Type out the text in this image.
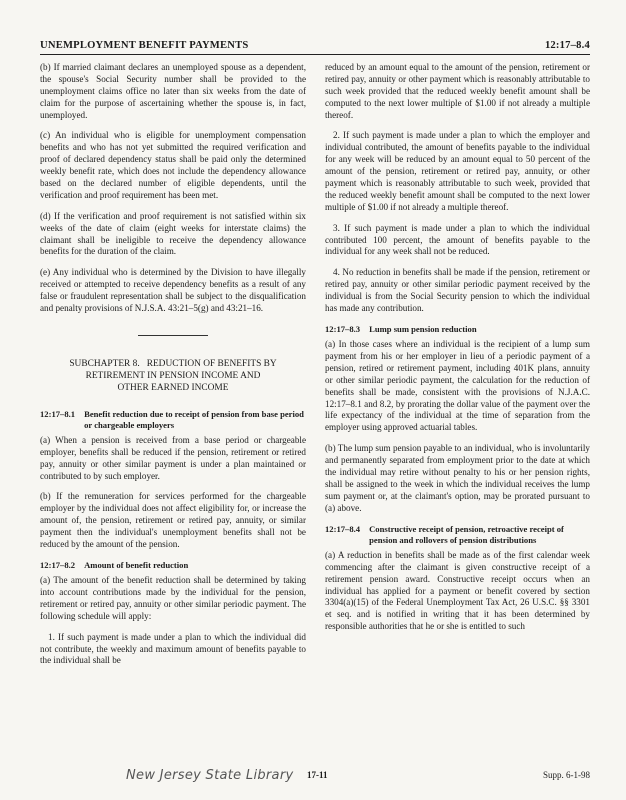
UNEMPLOYMENT BENEFIT PAYMENTS	12:17–8.4

(b) If married claimant declares an unemployed spouse as a dependent, the spouse's Social Security number shall be provided to the unemployment claims office no later than six weeks from the date of claim for the purpose of ascertaining whether the spouse is, in fact, unemployed.

(c) An individual who is eligible for unemployment compensation benefits and who has not yet submitted the required verification and proof of declared dependency status shall be paid only the determined weekly benefit rate, which does not include the dependency allowance based on the declared number of eligible dependents, until the verification and proof requirement has been met.

(d) If the verification and proof requirement is not satisfied within six weeks of the date of claim (eight weeks for interstate claims) the claimant shall be ineligible to receive the dependency allowance benefits for the duration of the claim.

(e) Any individual who is determined by the Division to have illegally received or attempted to receive dependency benefits as a result of any false or fraudulent representation shall be subject to the disqualification and penalty provisions of N.J.S.A. 43:21–5(g) and 43:21–16.

SUBCHAPTER 8.   REDUCTION OF BENEFITS BY
RETIREMENT IN PENSION INCOME AND
OTHER EARNED INCOME
12:17–8.1 Benefit reduction due to receipt of pension from base period or chargeable employers

(a) When a pension is received from a base period or chargeable employer, benefits shall be reduced if the pension, retirement or retired pay, annuity or other similar payment is under a plan maintained or contributed to by such employer.

(b) If the remuneration for services performed for the chargeable employer by the individual does not affect eligibility for, or increase the amount of, the pension, retirement or retired pay, annuity, or similar payment then the individual's unemployment benefits shall not be reduced by the amount of the pension.

12:17–8.2 Amount of benefit reduction

(a) The amount of the benefit reduction shall be determined by taking into account contributions made by the individual for the pension, retirement or retired pay, annuity or other similar periodic payment. The following schedule will apply:

1. If such payment is made under a plan to which the individual did not contribute, the weekly and maximum amount of benefits payable to the individual shall be

reduced by an amount equal to the amount of the pension, retirement or retired pay, annuity or other payment which is reasonably attributable to such week provided that the reduced weekly benefit amount shall be computed to the next lower multiple of $1.00 if not already a multiple thereof.

2. If such payment is made under a plan to which the employer and individual contributed, the amount of benefits payable to the individual for any week will be reduced by an amount equal to 50 percent of the amount of the pension, retirement or retired pay, annuity, or other payment which is reasonably attributable to such week, provided that the reduced weekly benefit amount shall be computed to the next lower multiple of $1.00 if not already a multiple thereof.

3. If such payment is made under a plan to which the individual contributed 100 percent, the amount of benefits payable to the individual for any week shall not be reduced.

4. No reduction in benefits shall be made if the pension, retirement or retired pay, annuity or other similar periodic payment received by the individual is from the Social Security pension to which the individual has made any contribution.

12:17–8.3 Lump sum pension reduction

(a) In those cases where an individual is the recipient of a lump sum payment from his or her employer in lieu of a periodic payment of a pension, retired or retirement payment, including 401K plans, annuity or other similar periodic payment, the calculation for the reduction of benefits shall be made, consistent with the provisions of N.J.A.C. 12:17–8.1 and 8.2, by prorating the dollar value of the payment over the life expectancy of the individual at the time of separation from the employer using approved actuarial tables.

(b) The lump sum pension payable to an individual, who is involuntarily and permanently separated from employment prior to the date at which the individual may retire without penalty to his or her pension rights, shall be assigned to the week in which the individual receives the lump sum payment or, at the claimant's option, may be prorated pursuant to (a) above.

12:17–8.4 Constructive receipt of pension, retroactive receipt of pension and rollovers of pension distributions

(a) A reduction in benefits shall be made as of the first calendar week commencing after the claimant is given constructive receipt of a retirement pension award. Constructive receipt occurs when an individual has applied for a payment or benefit covered by section 3304(a)(15) of the Federal Unemployment Tax Act, 26 U.S.C. §§ 3301 et seq. and is notified in writing that it has been determined by responsible authorities that he or she is entitled to such

New Jersey State Library 17-11	Supp. 6-1-98
